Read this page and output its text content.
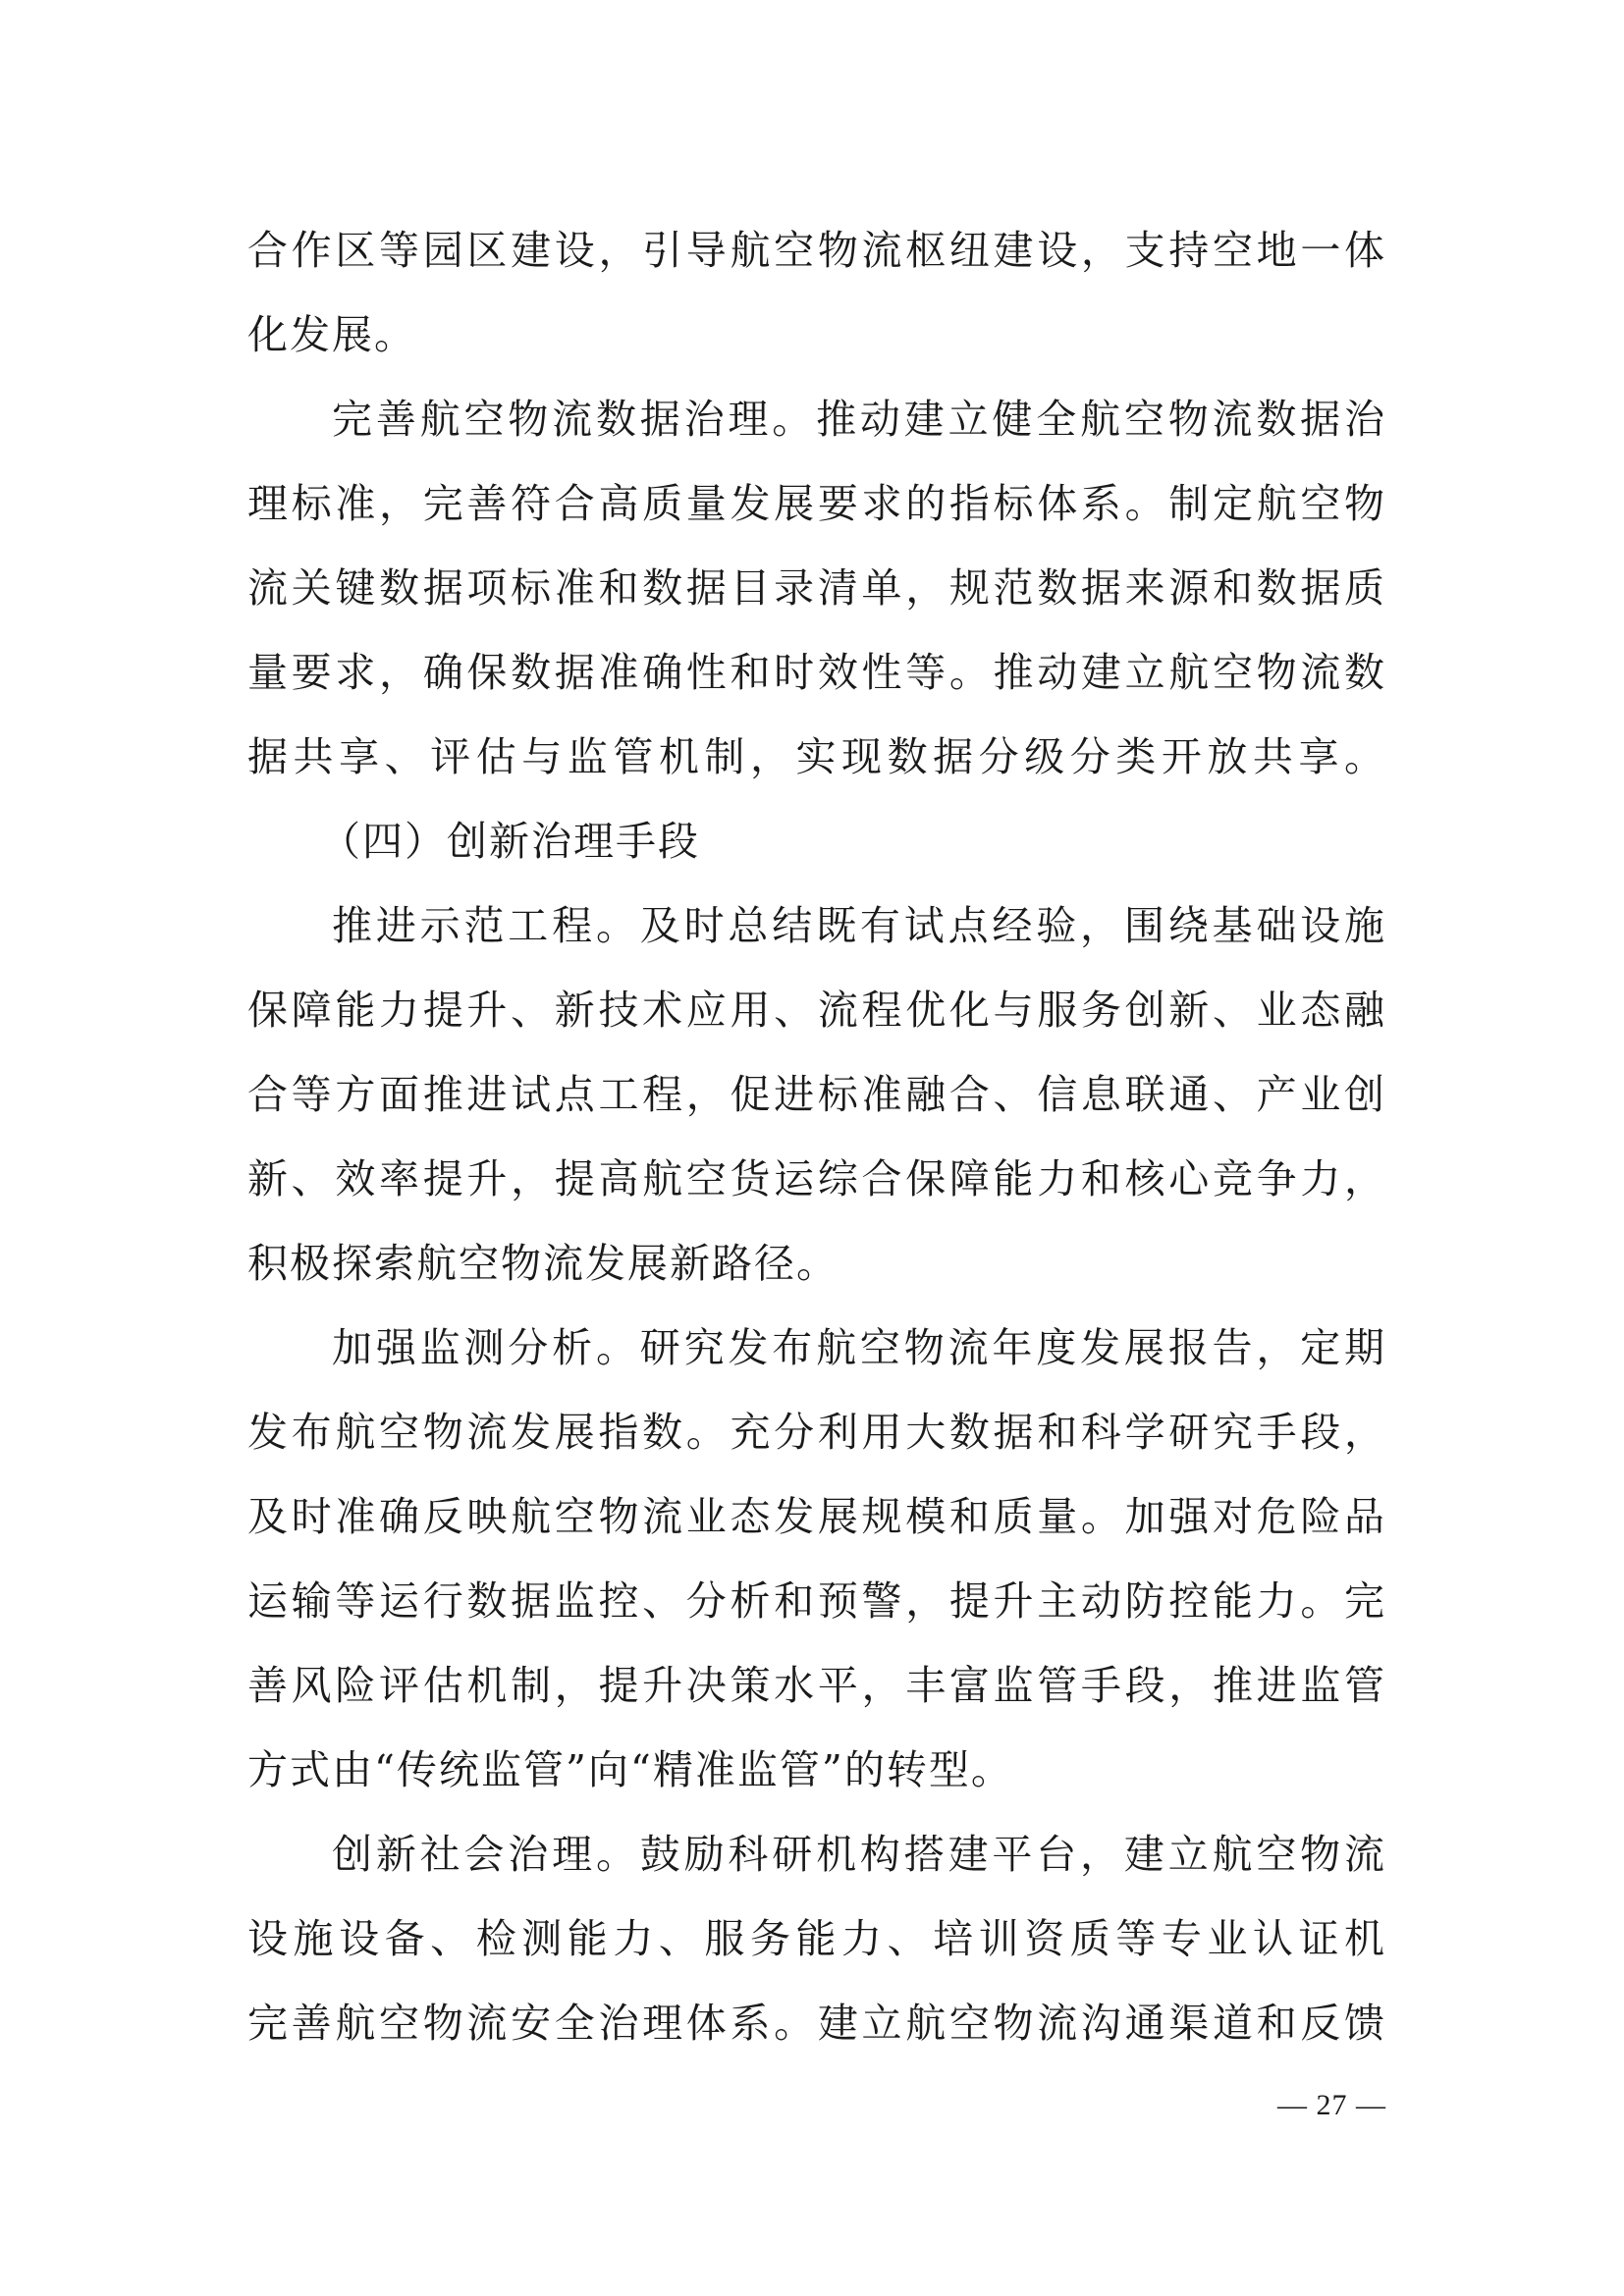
合作区等园区建设，引导航空物流枢纽建设，支持空地一体
化发展。
完善航空物流数据治理。推动建立健全航空物流数据治
理标准，完善符合高质量发展要求的指标体系。制定航空物
流关键数据项标准和数据目录清单，规范数据来源和数据质
量要求，确保数据准确性和时效性等。推动建立航空物流数
据共享、评估与监管机制，实现数据分级分类开放共享。
（四）创新治理手段
推进示范工程。及时总结既有试点经验，围绕基础设施
保障能力提升、新技术应用、流程优化与服务创新、业态融
合等方面推进试点工程，促进标准融合、信息联通、产业创
新、效率提升，提高航空货运综合保障能力和核心竞争力，
积极探索航空物流发展新路径。
加强监测分析。研究发布航空物流年度发展报告，定期
发布航空物流发展指数。充分利用大数据和科学研究手段，
及时准确反映航空物流业态发展规模和质量。加强对危险品
运输等运行数据监控、分析和预警，提升主动防控能力。完
善风险评估机制，提升决策水平，丰富监管手段，推进监管
方式由“传统监管”向“精准监管”的转型。
创新社会治理。鼓励科研机构搭建平台，建立航空物流
设施设备、检测能力、服务能力、培训资质等专业认证机
完善航空物流安全治理体系。建立航空物流沟通渠道和反馈
— 27 —
